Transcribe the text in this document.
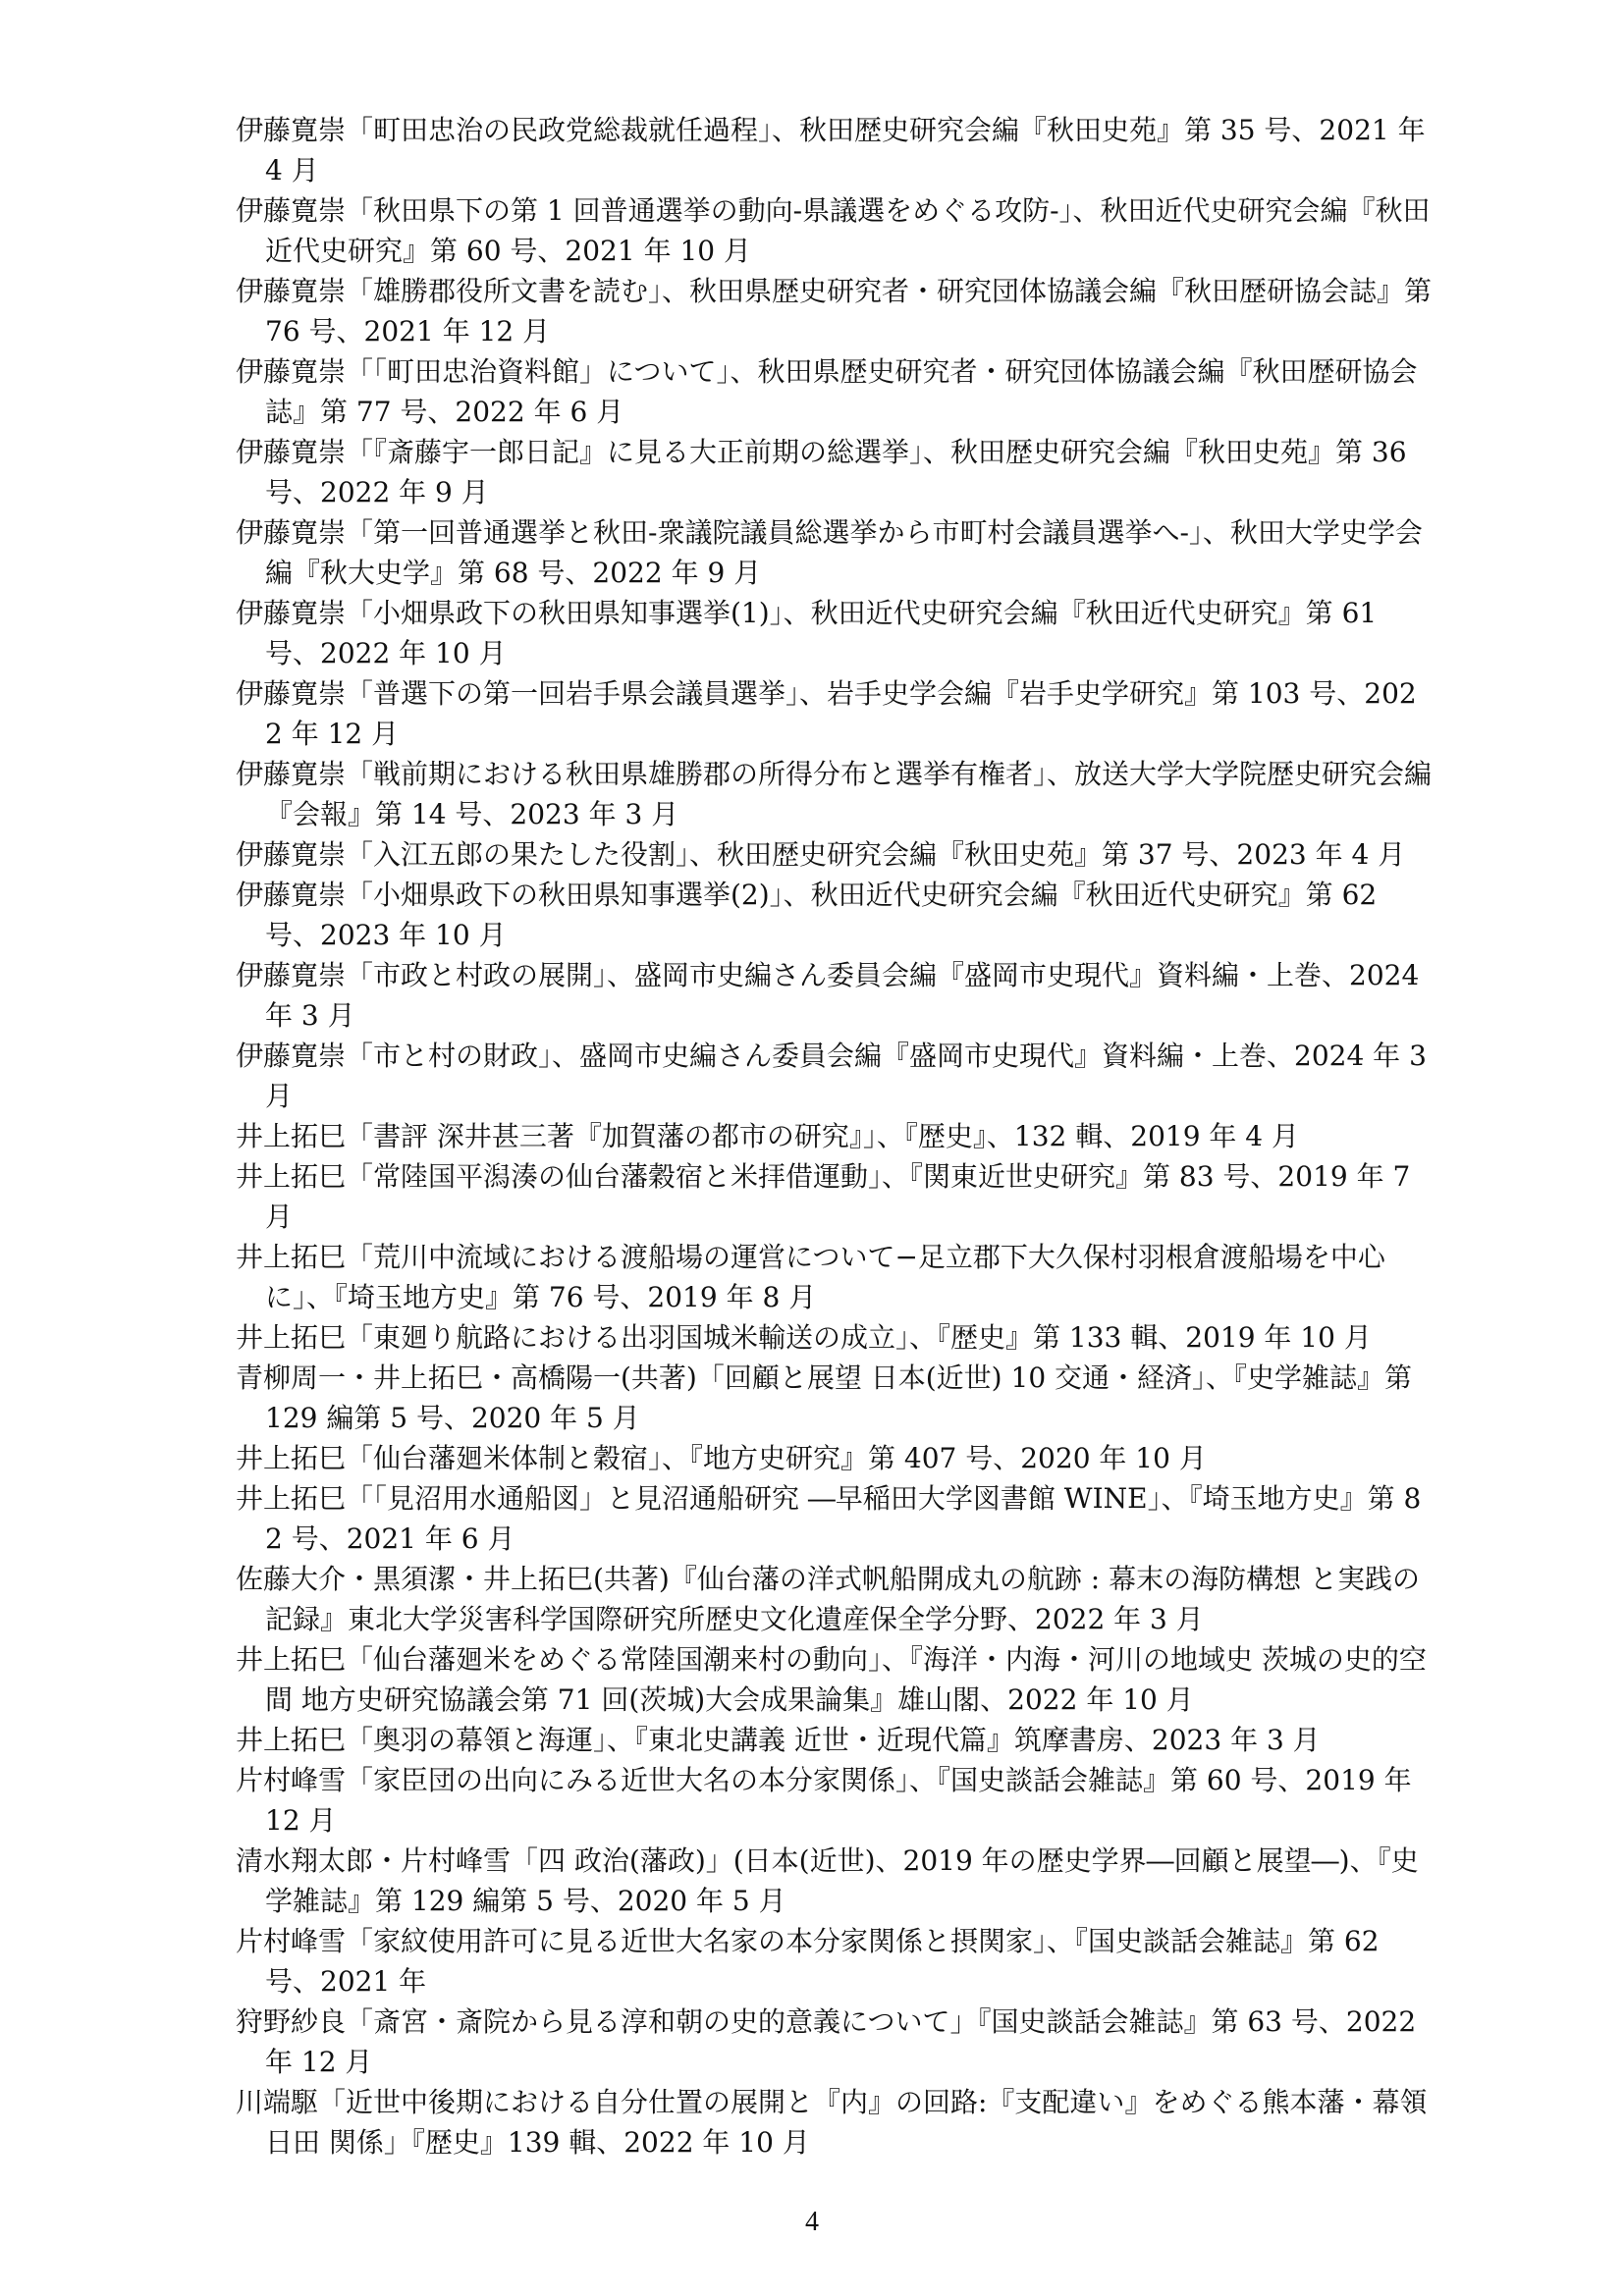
伊藤寛崇「町田忠治の民政党総裁就任過程」、秋田歴史研究会編『秋田史苑』第 35 号、2021 年 4 月

伊藤寛崇「秋田県下の第 1 回普通選挙の動向-県議選をめぐる攻防-」、秋田近代史研究会編『秋田近代史研究』第 60 号、2021 年 10 月

伊藤寛崇「雄勝郡役所文書を読む」、秋田県歴史研究者・研究団体協議会編『秋田歴研協会誌』第 76 号、2021 年 12 月

伊藤寛崇「「町田忠治資料館」について」、秋田県歴史研究者・研究団体協議会編『秋田歴研協会誌』第 77 号、2022 年 6 月

伊藤寛崇「『斎藤宇一郎日記』に見る大正前期の総選挙」、秋田歴史研究会編『秋田史苑』第 36 号、2022 年 9 月

伊藤寛崇「第一回普通選挙と秋田-衆議院議員総選挙から市町村会議員選挙へ-」、秋田大学史学会編『秋大史学』第 68 号、2022 年 9 月

伊藤寛崇「小畑県政下の秋田県知事選挙(1)」、秋田近代史研究会編『秋田近代史研究』第 61 号、2022 年 10 月

伊藤寛崇「普選下の第一回岩手県会議員選挙」、岩手史学会編『岩手史学研究』第 103 号、2022 年 12 月

伊藤寛崇「戦前期における秋田県雄勝郡の所得分布と選挙有権者」、放送大学大学院歴史研究会編『会報』第 14 号、2023 年 3 月

伊藤寛崇「入江五郎の果たした役割」、秋田歴史研究会編『秋田史苑』第 37 号、2023 年 4 月

伊藤寛崇「小畑県政下の秋田県知事選挙(2)」、秋田近代史研究会編『秋田近代史研究』第 62 号、2023 年 10 月

伊藤寛崇「市政と村政の展開」、盛岡市史編さん委員会編『盛岡市史現代』資料編・上巻、2024 年 3 月

伊藤寛崇「市と村の財政」、盛岡市史編さん委員会編『盛岡市史現代』資料編・上巻、2024 年 3 月

井上拓巳「書評 深井甚三著『加賀藩の都市の研究』」、『歴史』、132 輯、2019 年 4 月

井上拓巳「常陸国平潟湊の仙台藩穀宿と米拝借運動」、『関東近世史研究』第 83 号、2019 年 7 月

井上拓巳「荒川中流域における渡船場の運営について−足立郡下大久保村羽根倉渡船場を中心に」、『埼玉地方史』第 76 号、2019 年 8 月

井上拓巳「東廻り航路における出羽国城米輸送の成立」、『歴史』第 133 輯、2019 年 10 月

青柳周一・井上拓巳・高橋陽一(共著)「回顧と展望 日本(近世) 10 交通・経済」、『史学雑誌』第 129 編第 5 号、2020 年 5 月

井上拓巳「仙台藩廻米体制と穀宿」、『地方史研究』第 407 号、2020 年 10 月

井上拓巳「「見沼用水通船図」と見沼通船研究 ―早稲田大学図書館 WINE」、『埼玉地方史』第 82 号、2021 年 6 月

佐藤大介・黒須潔・井上拓巳(共著)『仙台藩の洋式帆船開成丸の航跡 : 幕末の海防構想 と実践の記録』東北大学災害科学国際研究所歴史文化遺産保全学分野、2022 年 3 月

井上拓巳「仙台藩廻米をめぐる常陸国潮来村の動向」、『海洋・内海・河川の地域史 茨城の史的空間 地方史研究協議会第 71 回(茨城)大会成果論集』雄山閣、2022 年 10 月

井上拓巳「奥羽の幕領と海運」、『東北史講義 近世・近現代篇』筑摩書房、2023 年 3 月

片村峰雪「家臣団の出向にみる近世大名の本分家関係」、『国史談話会雑誌』第 60 号、2019 年 12 月

清水翔太郎・片村峰雪「四 政治(藩政)」(日本(近世)、2019 年の歴史学界―回顧と展望―)、『史学雑誌』第 129 編第 5 号、2020 年 5 月

片村峰雪「家紋使用許可に見る近世大名家の本分家関係と摂関家」、『国史談話会雑誌』第 62 号、2021 年

狩野紗良「斎宮・斎院から見る淳和朝の史的意義について」『国史談話会雑誌』第 63 号、2022 年 12 月

川端駆「近世中後期における自分仕置の展開と『内』の回路:『支配違い』をめぐる熊本藩・幕領日田 関係」『歴史』139 輯、2022 年 10 月

4
